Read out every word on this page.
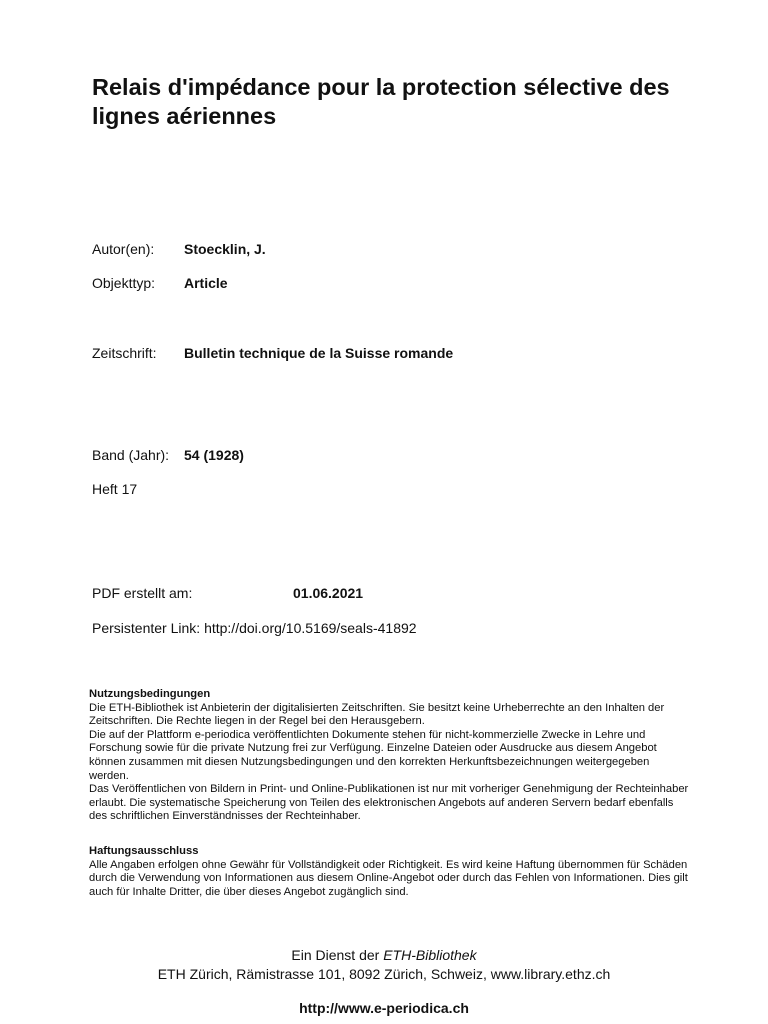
Relais d'impédance pour la protection sélective des lignes aériennes
Autor(en): Stoecklin, J.
Objekttyp: Article
Zeitschrift: Bulletin technique de la Suisse romande
Band (Jahr): 54 (1928)
Heft 17
PDF erstellt am:	01.06.2021
Persistenter Link: http://doi.org/10.5169/seals-41892
Nutzungsbedingungen

Die ETH-Bibliothek ist Anbieterin der digitalisierten Zeitschriften. Sie besitzt keine Urheberrechte an den Inhalten der Zeitschriften. Die Rechte liegen in der Regel bei den Herausgebern.

Die auf der Plattform e-periodica veröffentlichten Dokumente stehen für nicht-kommerzielle Zwecke in Lehre und Forschung sowie für die private Nutzung frei zur Verfügung. Einzelne Dateien oder Ausdrucke aus diesem Angebot können zusammen mit diesen Nutzungsbedingungen und den korrekten Herkunftsbezeichnungen weitergegeben werden.

Das Veröffentlichen von Bildern in Print- und Online-Publikationen ist nur mit vorheriger Genehmigung der Rechteinhaber erlaubt. Die systematische Speicherung von Teilen des elektronischen Angebots auf anderen Servern bedarf ebenfalls des schriftlichen Einverständnisses der Rechteinhaber.

Haftungsausschluss

Alle Angaben erfolgen ohne Gewähr für Vollständigkeit oder Richtigkeit. Es wird keine Haftung übernommen für Schäden durch die Verwendung von Informationen aus diesem Online-Angebot oder durch das Fehlen von Informationen. Dies gilt auch für Inhalte Dritter, die über dieses Angebot zugänglich sind.

Ein Dienst der ETH-Bibliothek
ETH Zürich, Rämistrasse 101, 8092 Zürich, Schweiz, www.library.ethz.ch
http://www.e-periodica.ch
